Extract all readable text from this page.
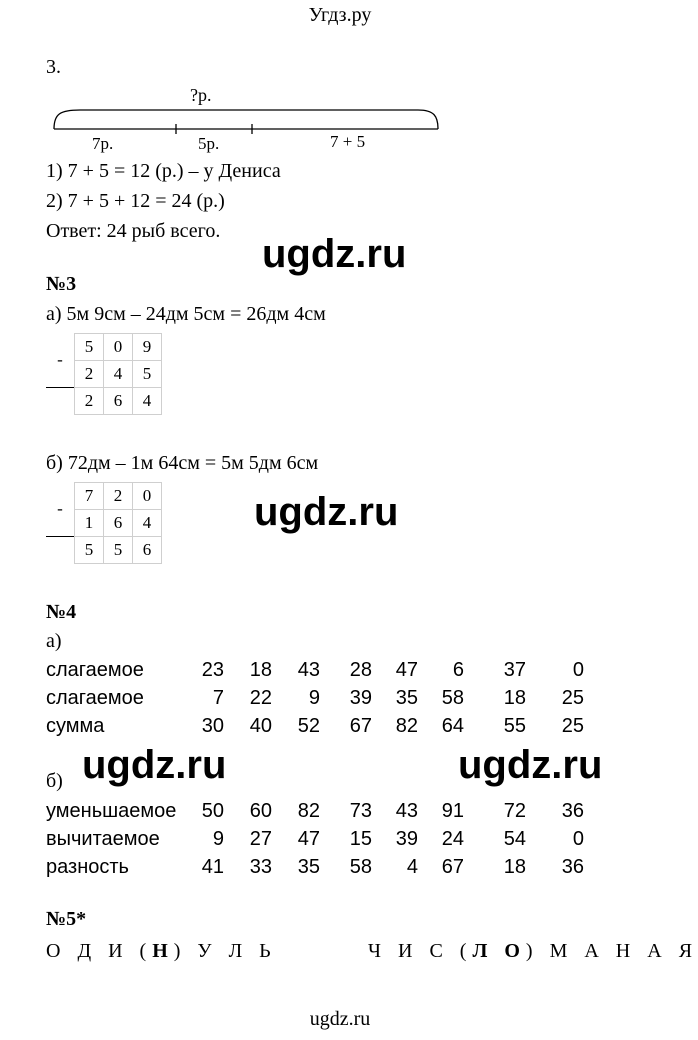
Угдз.ру
3.
?р.
7р.	5р.	7 + 5
1) 7 + 5 = 12 (р.) – у Дениса
2) 7 + 5 + 12 = 24 (р.)
Ответ: 24 рыб всего.
ugdz.ru
№3
а) 5м 9см – 24дм 5см = 26дм 4см
-	5	0	9
	2	4	5
	2	6	4
б) 72дм – 1м 64см = 5м 5дм 6см
-	7	2	0
	1	6	4
	5	5	6
ugdz.ru
№4
а)
слагаемое	23	18	43	28	47	6	37	0
слагаемое	7	22	9	39	35	58	18	25
сумма	30	40	52	67	82	64	55	25
ugdz.ru	ugdz.ru
б)
уменьшаемое	50	60	82	73	43	91	72	36
вычитаемое	9	27	47	15	39	24	54	0
разность	41	33	35	58	4	67	18	36
№5*
О Д И (Н) У Л Ь	Ч И С (Л О) М А Н А Я
ugdz.ru
